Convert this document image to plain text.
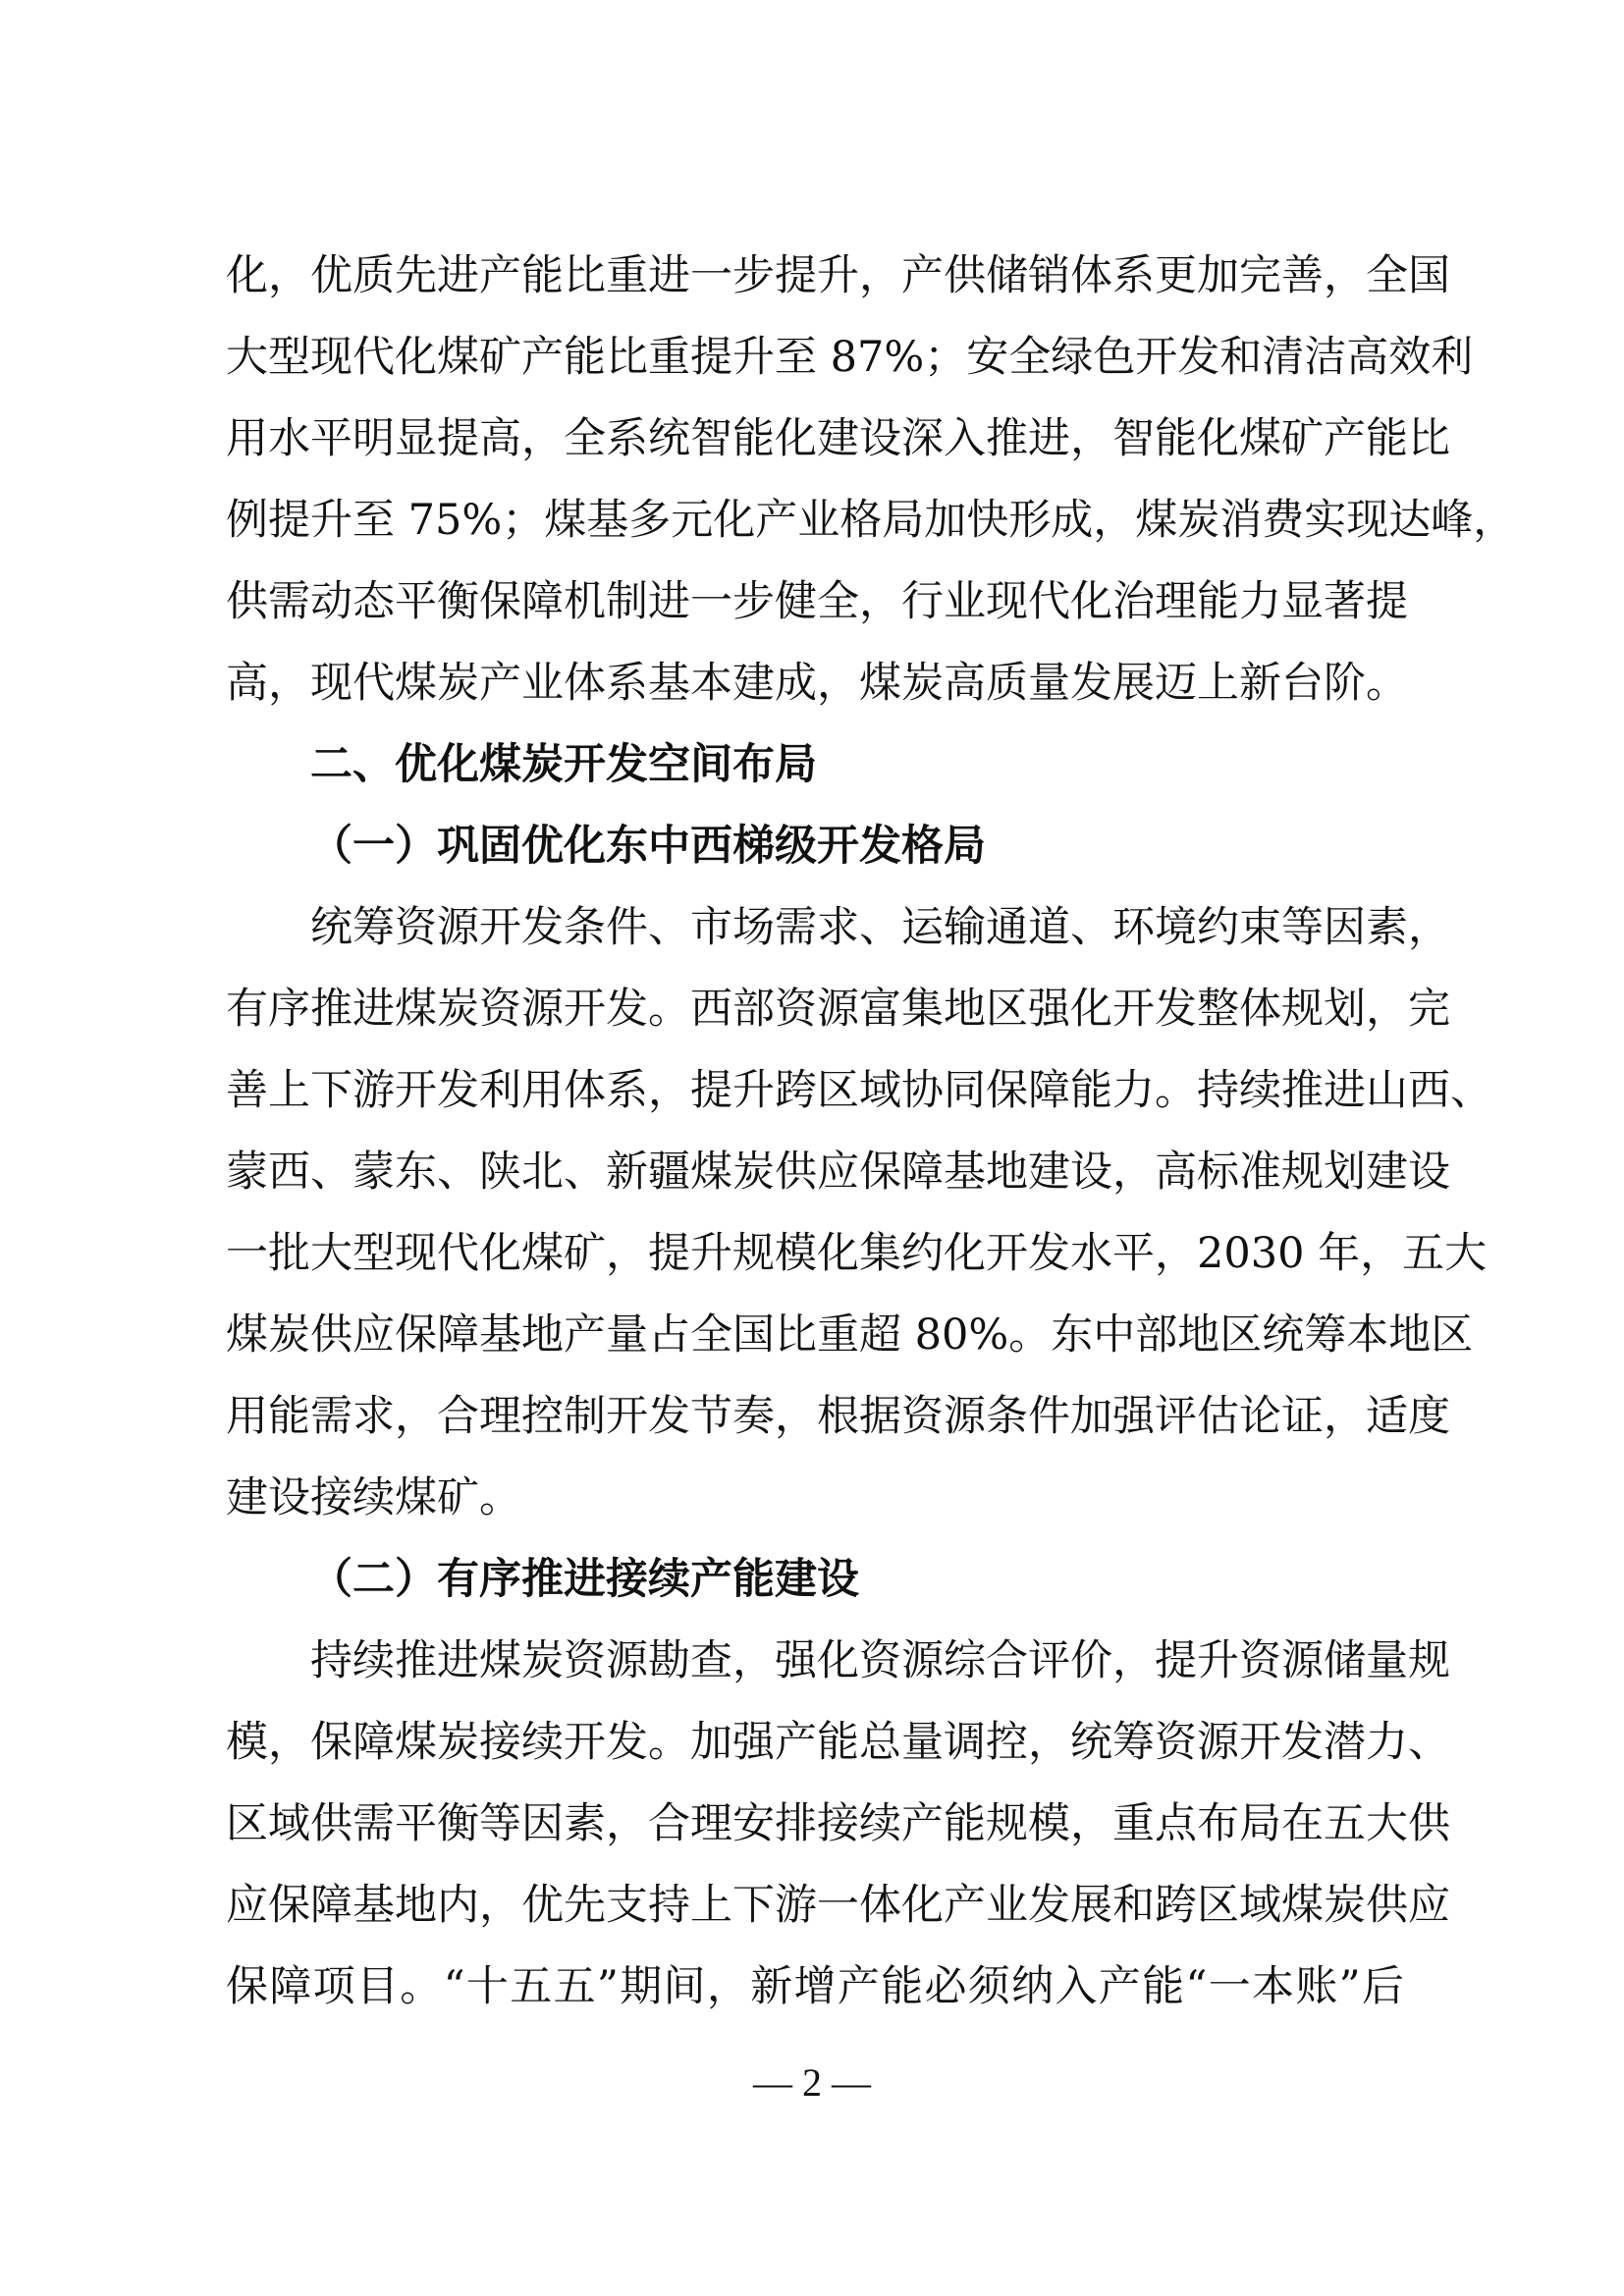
化，优质先进产能比重进一步提升，产供储销体系更加完善，全国
大型现代化煤矿产能比重提升至 87%；安全绿色开发和清洁高效利
用水平明显提高，全系统智能化建设深入推进，智能化煤矿产能比
例提升至 75%；煤基多元化产业格局加快形成，煤炭消费实现达峰，
供需动态平衡保障机制进一步健全，行业现代化治理能力显著提
高，现代煤炭产业体系基本建成，煤炭高质量发展迈上新台阶。
二、优化煤炭开发空间布局
（一）巩固优化东中西梯级开发格局
统筹资源开发条件、市场需求、运输通道、环境约束等因素，
有序推进煤炭资源开发。西部资源富集地区强化开发整体规划，完
善上下游开发利用体系，提升跨区域协同保障能力。持续推进山西、
蒙西、蒙东、陕北、新疆煤炭供应保障基地建设，高标准规划建设
一批大型现代化煤矿，提升规模化集约化开发水平，2030 年，五大
煤炭供应保障基地产量占全国比重超 80%。东中部地区统筹本地区
用能需求，合理控制开发节奏，根据资源条件加强评估论证，适度
建设接续煤矿。
（二）有序推进接续产能建设
持续推进煤炭资源勘查，强化资源综合评价，提升资源储量规
模，保障煤炭接续开发。加强产能总量调控，统筹资源开发潜力、
区域供需平衡等因素，合理安排接续产能规模，重点布局在五大供
应保障基地内，优先支持上下游一体化产业发展和跨区域煤炭供应
保障项目。“十五五”期间，新增产能必须纳入产能“一本账”后
— 2 —
